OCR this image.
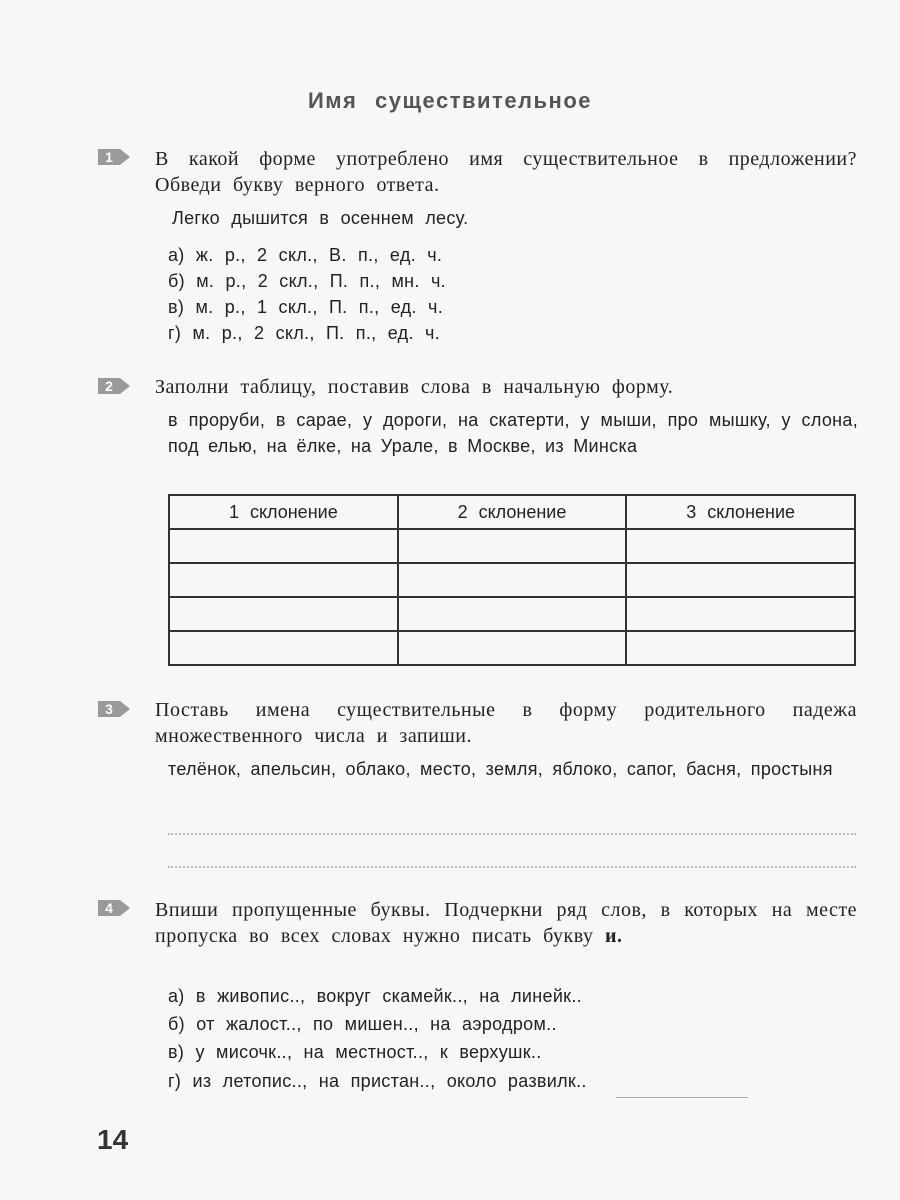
Имя существительное
1 В какой форме употреблено имя существительное в предложении? Обведи букву верного ответа.
Легко дышится в осеннем лесу.
а) ж. р., 2 скл., В. п., ед. ч.
б) м. р., 2 скл., П. п., мн. ч.
в) м. р., 1 скл., П. п., ед. ч.
г) м. р., 2 скл., П. п., ед. ч.
2 Заполни таблицу, поставив слова в начальную форму.
в проруби, в сарае, у дороги, на скатерти, у мыши, про мышку, у слона, под елью, на ёлке, на Урале, в Москве, из Минска
1 склонение	2 склонение	3 склонение

3 Поставь имена существительные в форму родительного падежа множественного числа и запиши.
телёнок, апельсин, облако, место, земля, яблоко, сапог, басня, простыня
4 Впиши пропущенные буквы. Подчеркни ряд слов, в которых на месте пропуска во всех словах нужно писать букву и.
а) в живопис.., вокруг скамейк.., на линейк..
б) от жалост.., по мишен.., на аэродром..
в) у мисочк.., на местност.., к верхушк..
г) из летопис.., на пристан.., около развилк..
14
